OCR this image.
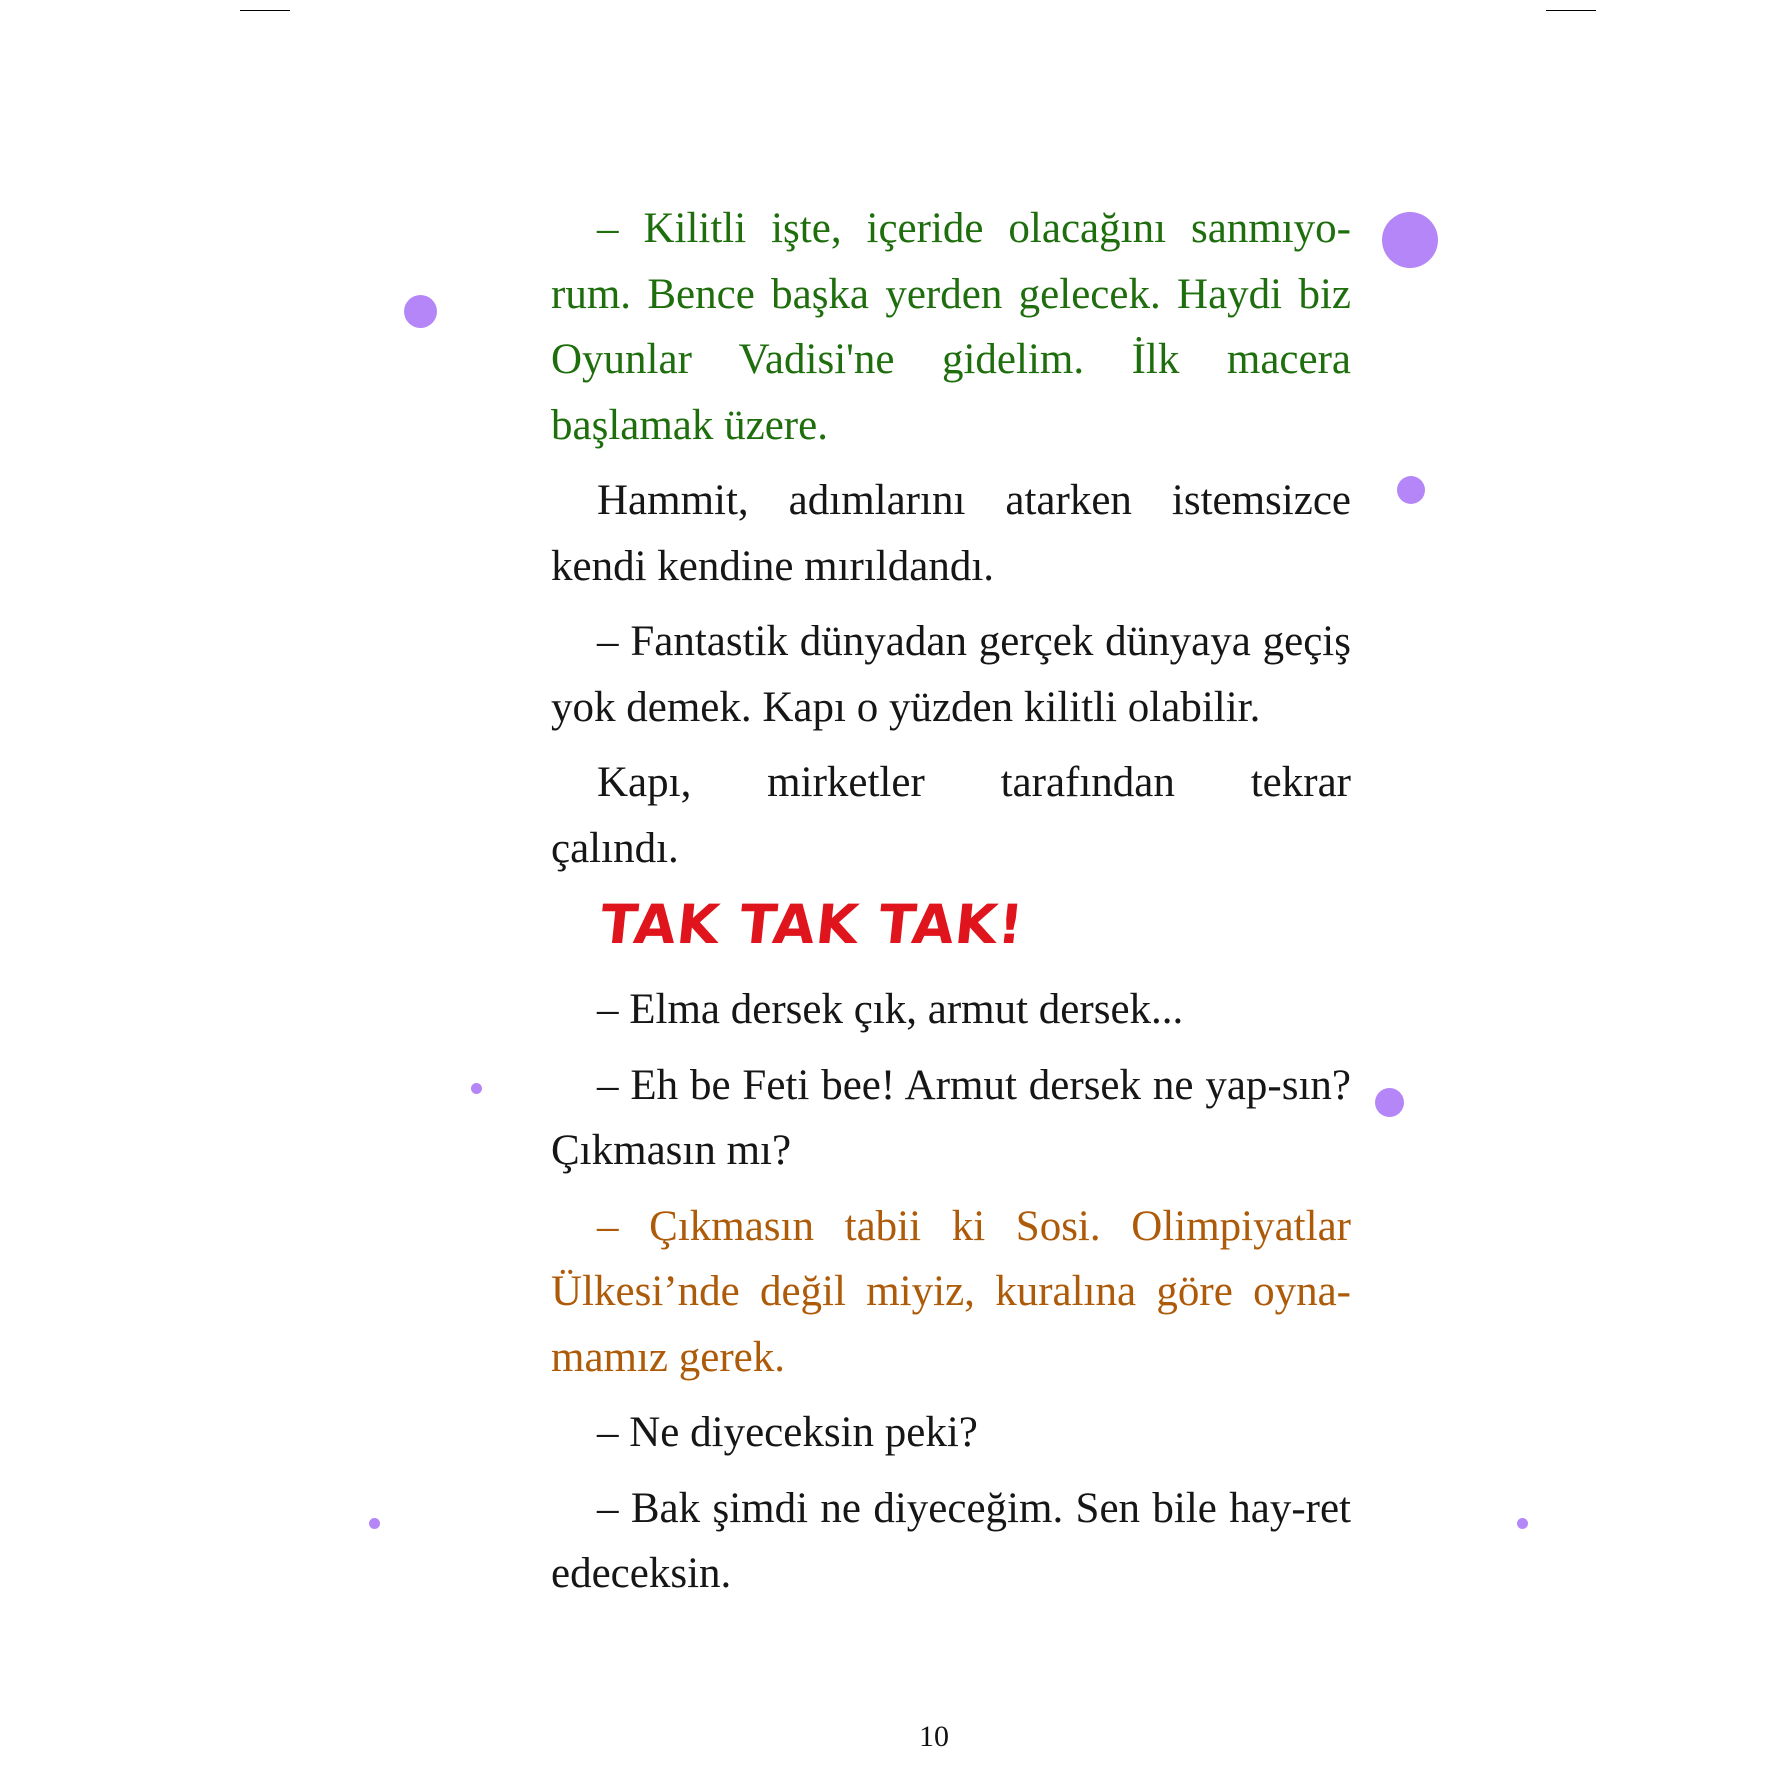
– Kilitli işte, içeride olacağını sanmıyo-rum. Bence başka yerden gelecek. Haydi biz Oyunlar Vadisi'ne gidelim. İlk macera başlamak üzere.

Hammit, adımlarını atarken istemsizce kendi kendine mırıldandı.

– Fantastik dünyadan gerçek dünyaya geçiş yok demek. Kapı o yüzden kilitli olabilir.

Kapı, mirketler tarafından tekrar çalındı.

TAK TAK TAK!

– Elma dersek çık, armut dersek...

– Eh be Feti bee! Armut dersek ne yap-sın? Çıkmasın mı?

– Çıkmasın tabii ki Sosi. Olimpiyatlar Ülkesi’nde değil miyiz, kuralına göre oyna-mamız gerek.

– Ne diyeceksin peki?

– Bak şimdi ne diyeceğim. Sen bile hay-ret edeceksin.

10
